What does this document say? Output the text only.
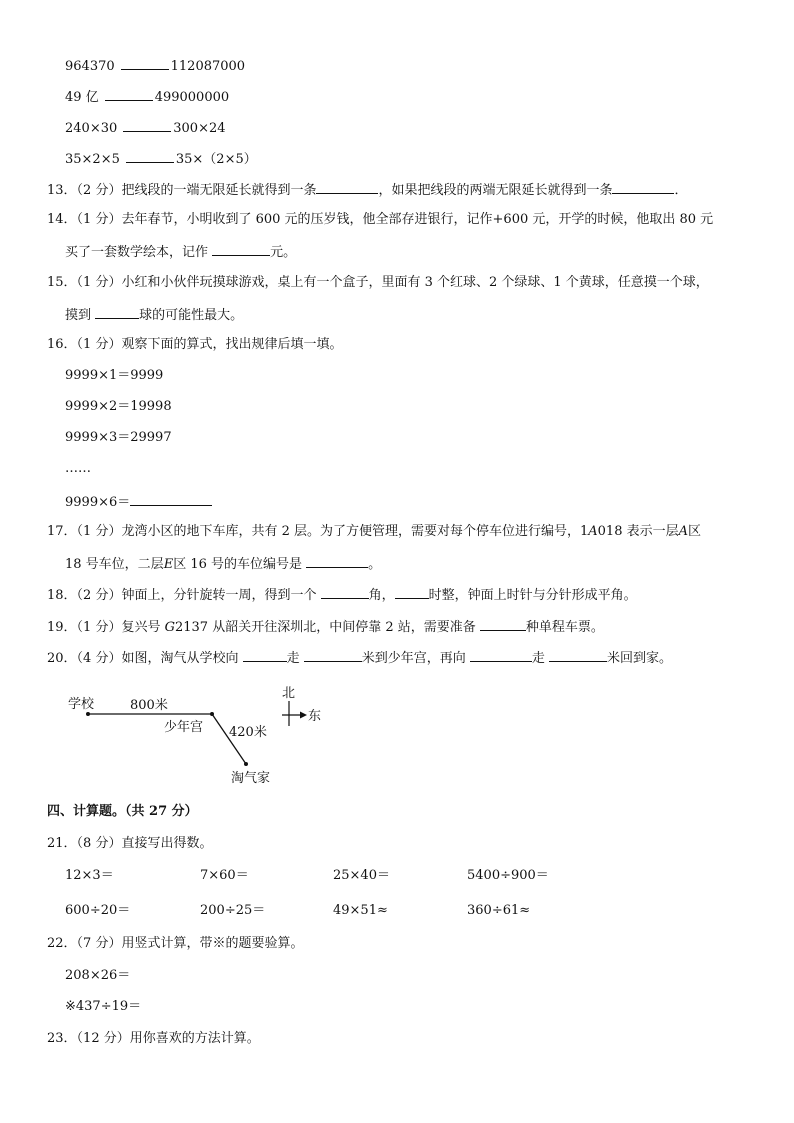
964370	112087000
49 亿	499000000
240×30	300×24
35×2×5	35×（2×5）
13．（2 分）把线段的一端无限延长就得到一条	，如果把线段的两端无限延长就得到一条	．
14．（1 分）去年春节，小明收到了 600 元的压岁钱，他全部存进银行，记作+600 元，开学的时候，他取出 80 元
买了一套数学绘本，记作	元。
15．（1 分）小红和小伙伴玩摸球游戏，桌上有一个盒子，里面有 3 个红球、2 个绿球、1 个黄球，任意摸一个球，
摸到	球的可能性最大。
16．（1 分）观察下面的算式，找出规律后填一填。
9999×1＝9999
9999×2＝19998
9999×3＝29997
……
9999×6＝
17．（1 分）龙湾小区的地下车库，共有 2 层。为了方便管理，需要对每个停车位进行编号，1A018 表示一层A区
18 号车位，二层E区 16 号的车位编号是	。
18．（2 分）钟面上，分针旋转一周，得到一个	角，	时整，钟面上时针与分针形成平角。
19．（1 分）复兴号 G2137 从韶关开往深圳北，中间停靠 2 站，需要准备	种单程车票。
20．（4 分）如图，淘气从学校向	走	米到少年宫，再向	走	米回到家。
学校	800米
少年宫 420米
淘气家
北
东
四、计算题。（共 27 分）
21．（8 分）直接写出得数。
12×3＝	7×60＝	25×40＝	5400÷900＝
600÷20＝	200÷25＝	49×51≈	360÷61≈
22．（7 分）用竖式计算，带※的题要验算。
208×26＝
※437÷19＝
23．（12 分）用你喜欢的方法计算。
